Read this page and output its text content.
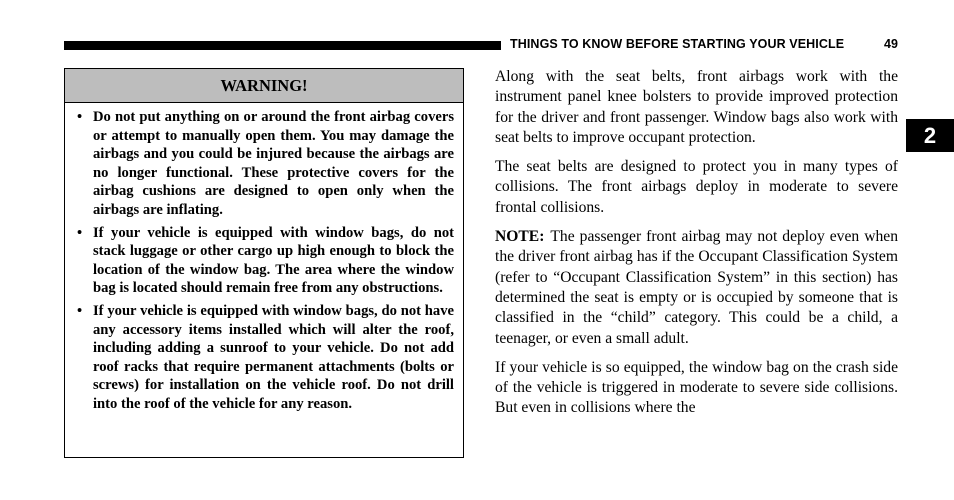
THINGS TO KNOW BEFORE STARTING YOUR VEHICLE	49
WARNING!
• Do not put anything on or around the front airbag covers or attempt to manually open them. You may damage the airbags and you could be injured because the airbags are no longer functional. These protective covers for the airbag cushions are designed to open only when the airbags are inflating.
• If your vehicle is equipped with window bags, do not stack luggage or other cargo up high enough to block the location of the window bag. The area where the window bag is located should remain free from any obstructions.
• If your vehicle is equipped with window bags, do not have any accessory items installed which will alter the roof, including adding a sunroof to your vehicle. Do not add roof racks that require permanent attachments (bolts or screws) for installation on the vehicle roof. Do not drill into the roof of the vehicle for any reason.

Along with the seat belts, front airbags work with the instrument panel knee bolsters to provide improved protection for the driver and front passenger. Window bags also work with seat belts to improve occupant protection.

The seat belts are designed to protect you in many types of collisions. The front airbags deploy in moderate to severe frontal collisions.

NOTE: The passenger front airbag may not deploy even when the driver front airbag has if the Occupant Classification System (refer to “Occupant Classification System” in this section) has determined the seat is empty or is occupied by someone that is classified in the “child” category. This could be a child, a teenager, or even a small adult.

If your vehicle is so equipped, the window bag on the crash side of the vehicle is triggered in moderate to severe side collisions. But even in collisions where the

2
